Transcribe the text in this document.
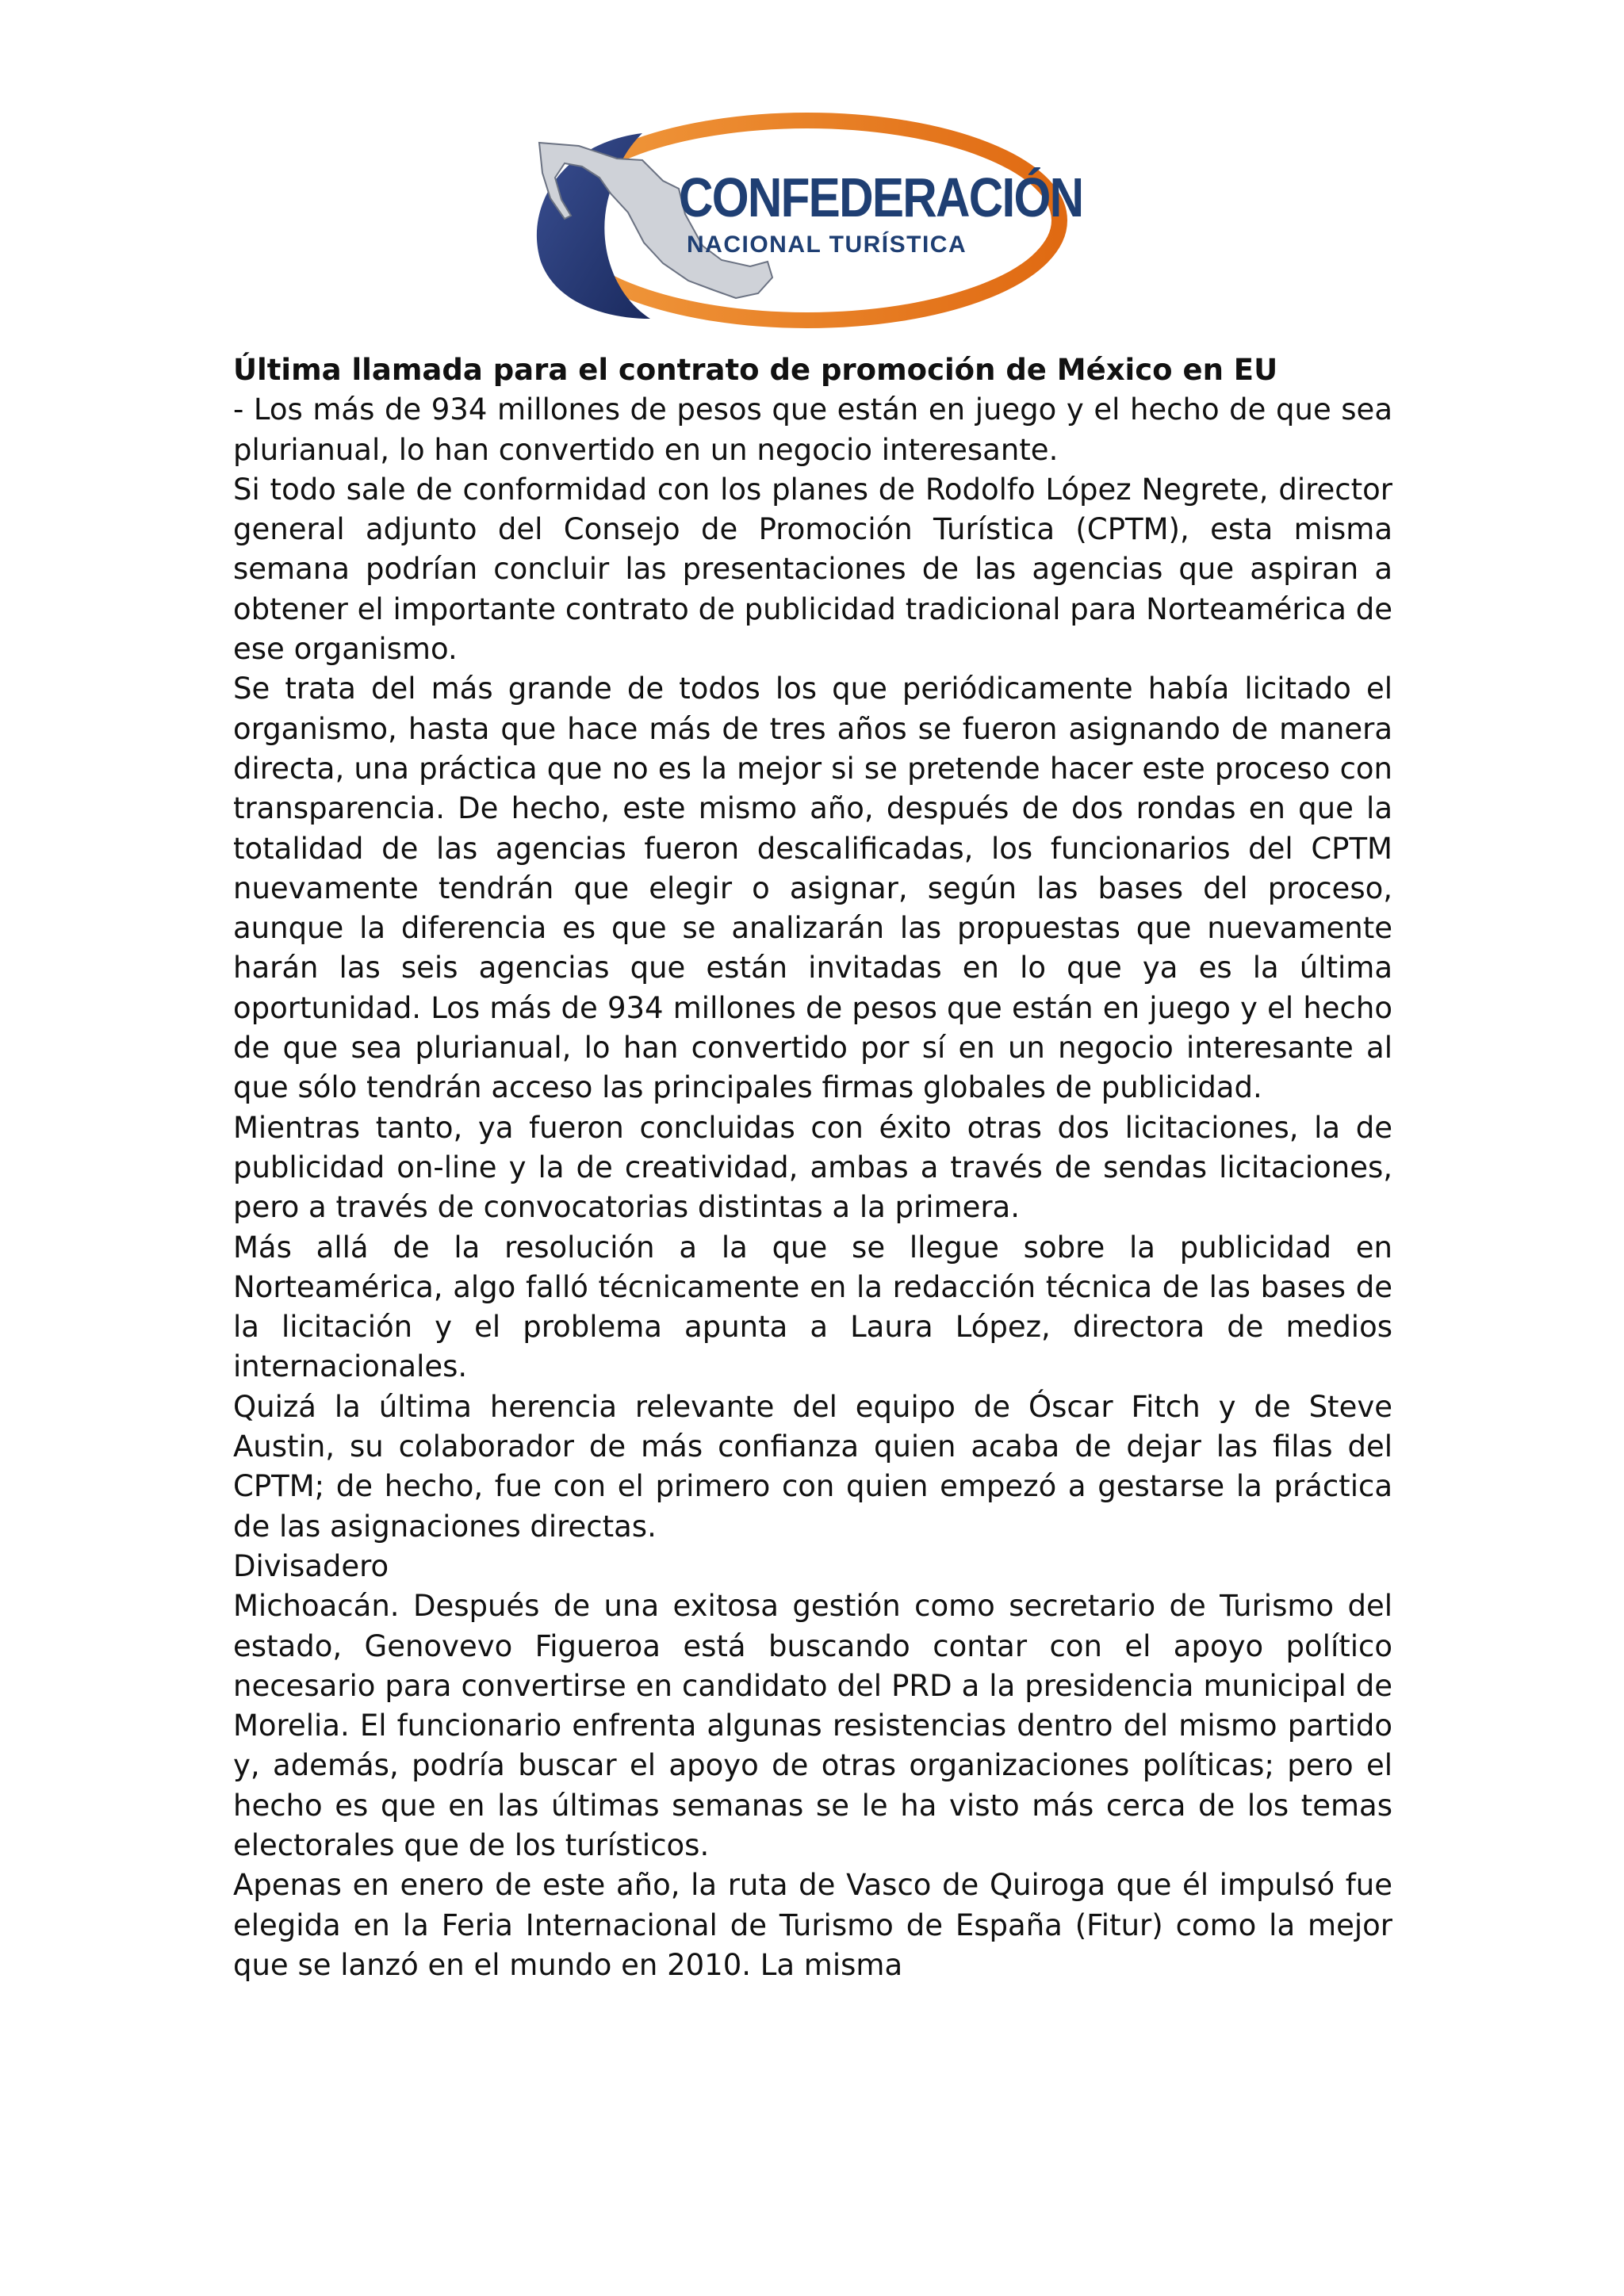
CONFEDERACIÓN
NACIONAL TURÍSTICA

Última llamada para el contrato de promoción de México en EU

- Los más de 934 millones de pesos que están en juego y el hecho de que sea plurianual, lo han convertido en un negocio interesante.

Si todo sale de conformidad con los planes de Rodolfo López Negrete, director general adjunto del Consejo de Promoción Turística (CPTM), esta misma semana podrían concluir las presentaciones de las agencias que aspiran a obtener el importante contrato de publicidad tradicional para Norteamérica de ese organismo.

Se trata del más grande de todos los que periódicamente había licitado el organismo, hasta que hace más de tres años se fueron asignando de manera directa, una práctica que no es la mejor si se pretende hacer este proceso con transparencia. De hecho, este mismo año, después de dos rondas en que la totalidad de las agencias fueron descalificadas, los funcionarios del CPTM nuevamente tendrán que elegir o asignar, según las bases del proceso, aunque la diferencia es que se analizarán las propuestas que nuevamente harán las seis agencias que están invitadas en lo que ya es la última oportunidad. Los más de 934 millones de pesos que están en juego y el hecho de que sea plurianual, lo han convertido por sí en un negocio interesante al que sólo tendrán acceso las principales firmas globales de publicidad.

Mientras tanto, ya fueron concluidas con éxito otras dos licitaciones, la de publicidad on-line y la de creatividad, ambas a través de sendas licitaciones, pero a través de convocatorias distintas a la primera.

Más allá de la resolución a la que se llegue sobre la publicidad en Norteamérica, algo falló técnicamente en la redacción técnica de las bases de la licitación y el problema apunta a Laura López, directora de medios internacionales.

Quizá la última herencia relevante del equipo de Óscar Fitch y de Steve Austin, su colaborador de más confianza quien acaba de dejar las filas del CPTM; de hecho, fue con el primero con quien empezó a gestarse la práctica de las asignaciones directas.

Divisadero

Michoacán. Después de una exitosa gestión como secretario de Turismo del estado, Genovevo Figueroa está buscando contar con el apoyo político necesario para convertirse en candidato del PRD a la presidencia municipal de Morelia. El funcionario enfrenta algunas resistencias dentro del mismo partido y, además, podría buscar el apoyo de otras organizaciones políticas; pero el hecho es que en las últimas semanas se le ha visto más cerca de los temas electorales que de los turísticos.

Apenas en enero de este año, la ruta de Vasco de Quiroga que él impulsó fue elegida en la Feria Internacional de Turismo de España (Fitur) como la mejor que se lanzó en el mundo en 2010. La misma
